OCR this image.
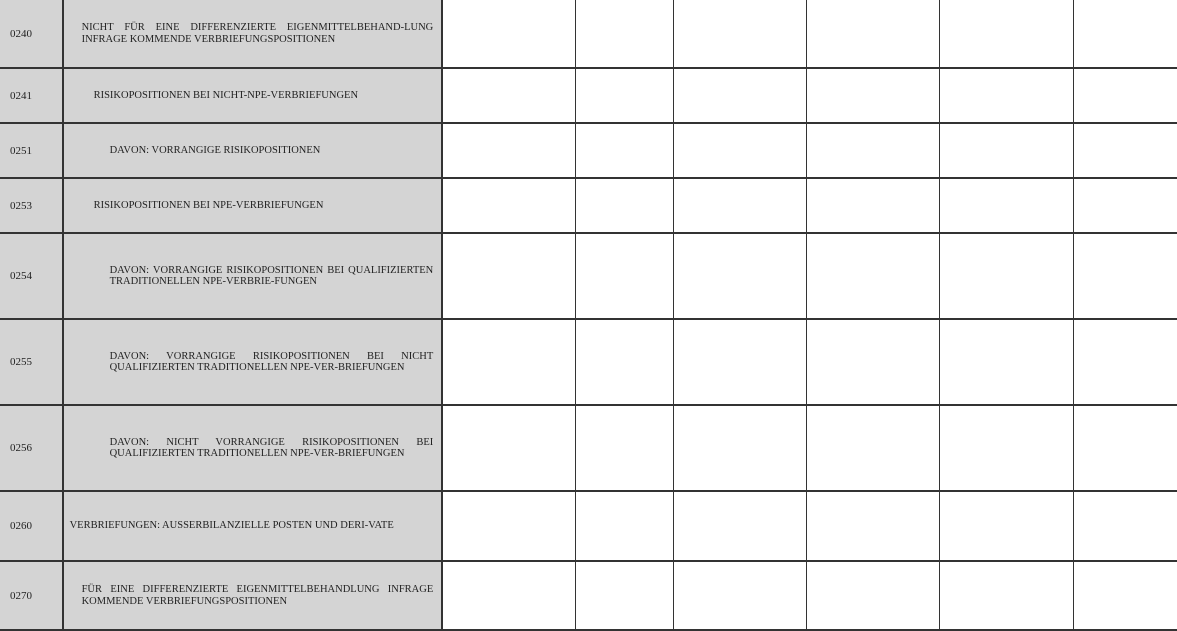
0240	NICHT FÜR EINE DIFFERENZIERTE EIGENMITTELBEHAND-LUNG INFRAGE KOMMENDE VERBRIEFUNGSPOSITIONEN						
0241	RISIKOPOSITIONEN BEI NICHT-NPE-VERBRIEFUNGEN						
0251	DAVON: VORRANGIGE RISIKOPOSITIONEN						
0253	RISIKOPOSITIONEN BEI NPE-VERBRIEFUNGEN						
0254	DAVON: VORRANGIGE RISIKOPOSITIONEN BEI QUALIFIZIERTEN TRADITIONELLEN NPE-VERBRIE-FUNGEN						
0255	DAVON: VORRANGIGE RISIKOPOSITIONEN BEI NICHT QUALIFIZIERTEN TRADITIONELLEN NPE-VER-BRIEFUNGEN						
0256	DAVON: NICHT VORRANGIGE RISIKOPOSITIONEN BEI QUALIFIZIERTEN TRADITIONELLEN NPE-VER-BRIEFUNGEN						
0260	VERBRIEFUNGEN: AUSSERBILANZIELLE POSTEN UND DERI-VATE						
0270	FÜR EINE DIFFERENZIERTE EIGENMITTELBEHANDLUNG INFRAGE KOMMENDE VERBRIEFUNGSPOSITIONEN						
